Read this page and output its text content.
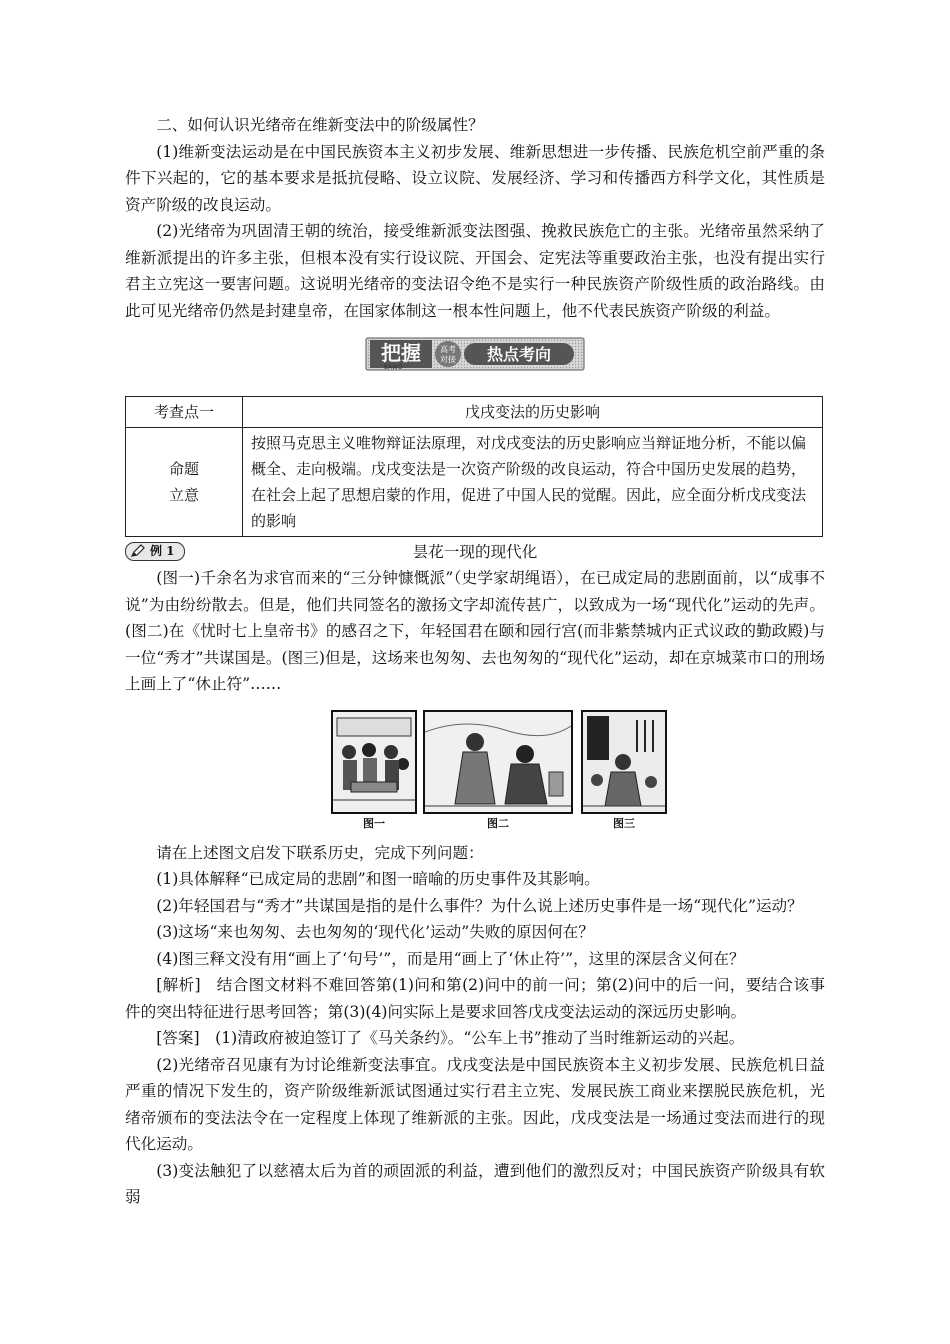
二、如何认识光绪帝在维新变法中的阶级属性？

(1)维新变法运动是在中国民族资本主义初步发展、维新思想进一步传播、民族危机空前严重的条件下兴起的，它的基本要求是抵抗侵略、设立议院、发展经济、学习和传播西方科学文化，其性质是资产阶级的改良运动。

(2)光绪帝为巩固清王朝的统治，接受维新派变法图强、挽救民族危亡的主张。光绪帝虽然采纳了维新派提出的许多主张，但根本没有实行设议院、开国会、定宪法等重要政治主张，也没有提出实行君主立宪这一要害问题。这说明光绪帝的变法诏令绝不是实行一种民族资产阶级性质的政治路线。由此可见光绪帝仍然是封建皇帝，在国家体制这一根本性问题上，他不代表民族资产阶级的利益。

把握
BAWO
高考
对接 热点考向
考查点一	戊戌变法的历史影响

命题
立意	按照马克思主义唯物辩证法原理，对戊戌变法的历史影响应当辩证地分析，不能以偏概全、走向极端。戊戌变法是一次资产阶级的改良运动，符合中国历史发展的趋势，在社会上起了思想启蒙的作用，促进了中国人民的觉醒。因此，应全面分析戊戌变法的影响
例 1	昙花一现的现代化

(图一)千余名为求官而来的“三分钟慷慨派”（史学家胡绳语），在已成定局的悲剧面前，以“成事不说”为由纷纷散去。但是，他们共同签名的激扬文字却流传甚广，以致成为一场“现代化”运动的先声。(图二)在《忧时七上皇帝书》的感召之下，年轻国君在颐和园行宫(而非紫禁城内正式议政的勤政殿)与一位“秀才”共谋国是。(图三)但是，这场来也匆匆、去也匆匆的“现代化”运动，却在京城菜市口的刑场上画上了“休止符”……

图一	图二	图三

请在上述图文启发下联系历史，完成下列问题：

(1)具体解释“已成定局的悲剧”和图一暗喻的历史事件及其影响。

(2)年轻国君与“秀才”共谋国是指的是什么事件？为什么说上述历史事件是一场“现代化”运动？

(3)这场“来也匆匆、去也匆匆的‘现代化’运动”失败的原因何在？

(4)图三释文没有用“画上了‘句号’”，而是用“画上了‘休止符’”，这里的深层含义何在？

[解析]　结合图文材料不难回答第(1)问和第(2)问中的前一问；第(2)问中的后一问，要结合该事件的突出特征进行思考回答；第(3)(4)问实际上是要求回答戊戌变法运动的深远历史影响。

[答案]　(1)清政府被迫签订了《马关条约》。“公车上书”推动了当时维新运动的兴起。

(2)光绪帝召见康有为讨论维新变法事宜。戊戌变法是中国民族资本主义初步发展、民族危机日益严重的情况下发生的，资产阶级维新派试图通过实行君主立宪、发展民族工商业来摆脱民族危机，光绪帝颁布的变法法令在一定程度上体现了维新派的主张。因此，戊戌变法是一场通过变法而进行的现代化运动。

(3)变法触犯了以慈禧太后为首的顽固派的利益，遭到他们的激烈反对；中国民族资产阶级具有软弱
